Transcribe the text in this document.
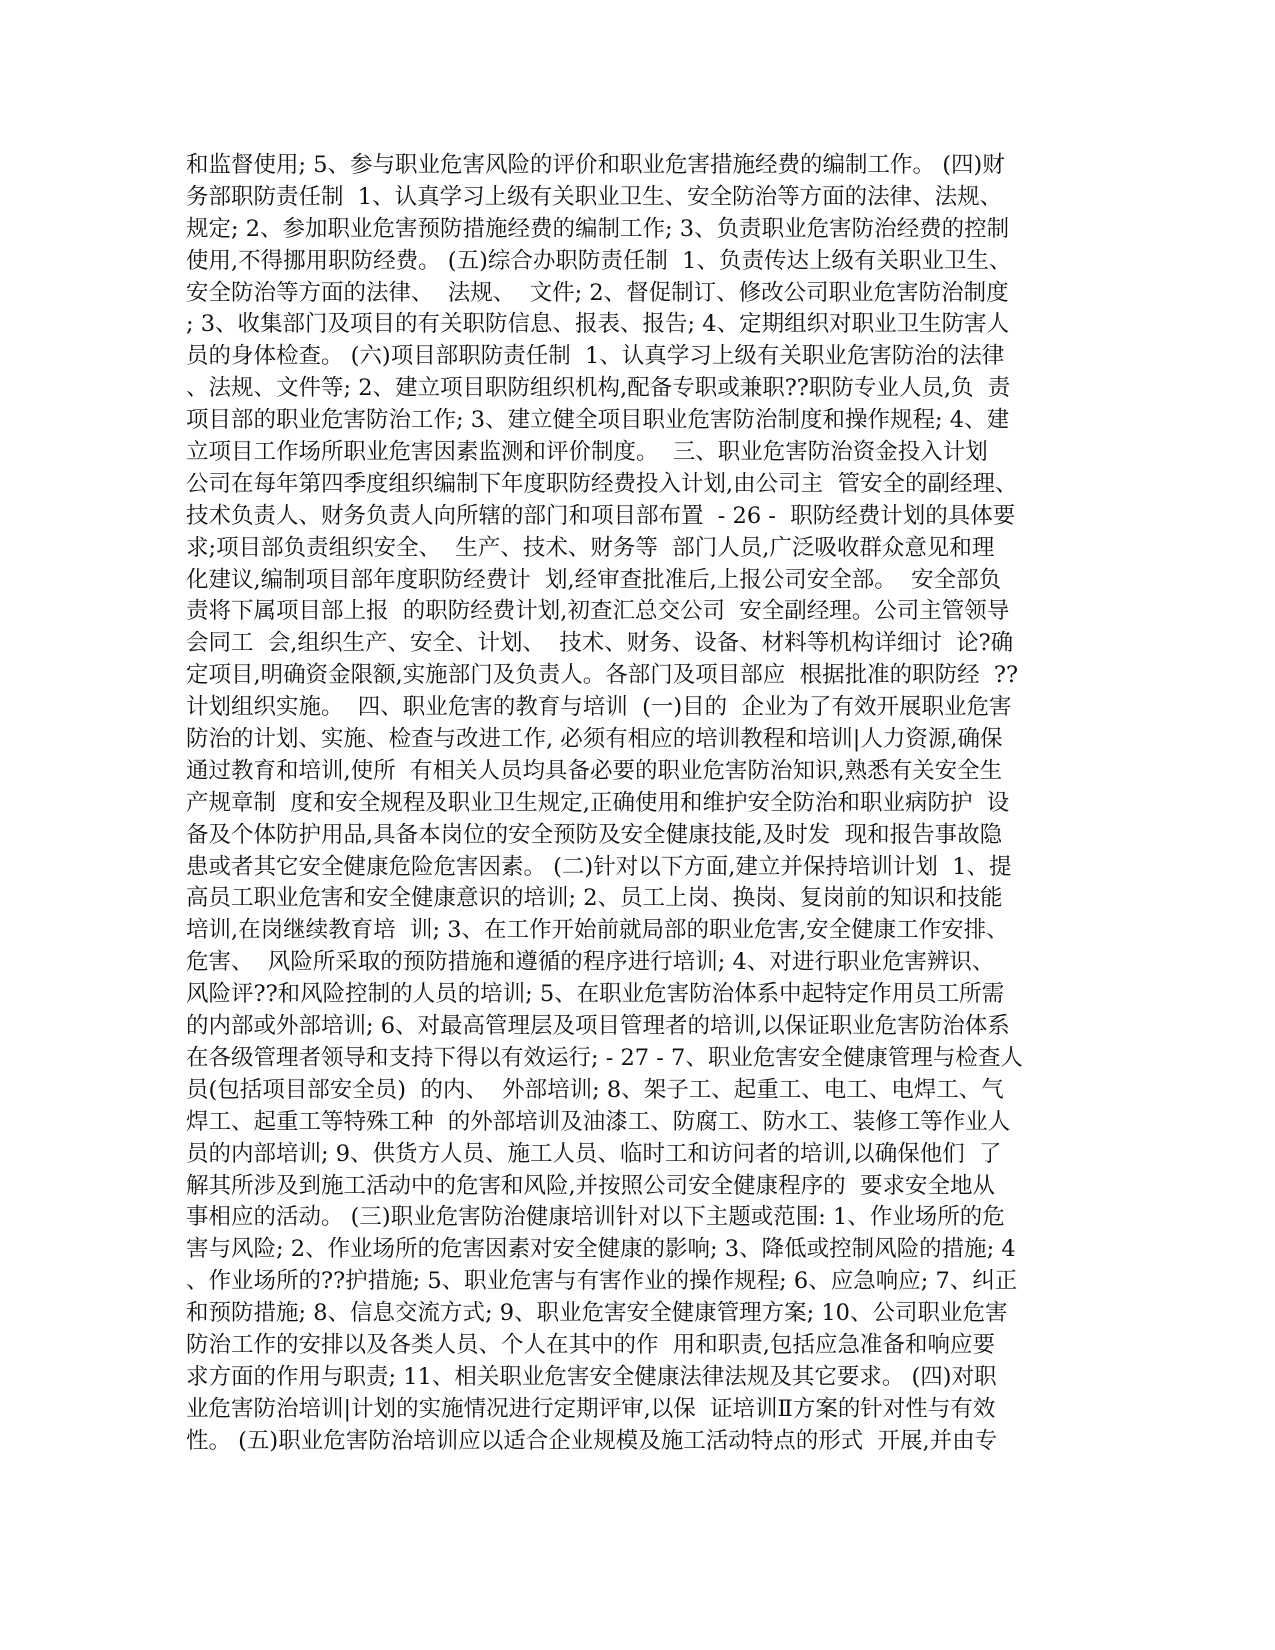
和监督使用; 5、参与职业危害风险的评价和职业危害措施经费的编制工作。 (四)财
务部职防责任制  1、认真学习上级有关职业卫生、安全防治等方面的法律、法规、
规定; 2、参加职业危害预防措施经费的编制工作; 3、负责职业危害防治经费的控制
使用,不得挪用职防经费。 (五)综合办职防责任制  1、负责传达上级有关职业卫生、
安全防治等方面的法律、  法规、  文件; 2、督促制订、修改公司职业危害防治制度
; 3、收集部门及项目的有关职防信息、报表、报告; 4、定期组织对职业卫生防害人
员的身体检查。 (六)项目部职防责任制  1、认真学习上级有关职业危害防治的法律
、法规、文件等; 2、建立项目职防组织机构,配备专职或兼职??职防专业人员,负  责
项目部的职业危害防治工作; 3、建立健全项目职业危害防治制度和操作规程; 4、建
立项目工作场所职业危害因素监测和评价制度。  三、职业危害防治资金投入计划
公司在每年第四季度组织编制下年度职防经费投入计划,由公司主  管安全的副经理、
技术负责人、财务负责人向所辖的部门和项目部布置  - 26 -  职防经费计划的具体要
求;项目部负责组织安全、  生产、技术、财务等  部门人员,广泛吸收群众意见和理
化建议,编制项目部年度职防经费计  划,经审查批准后,上报公司安全部。  安全部负
责将下属项目部上报  的职防经费计划,初查汇总交公司  安全副经理。公司主管领导
会同工  会,组织生产、安全、计划、  技术、财务、设备、材料等机构详细讨  论?确
定项目,明确资金限额,实施部门及负责人。各部门及项目部应  根据批准的职防经  ??
计划组织实施。  四、职业危害的教育与培训  (一)目的  企业为了有效开展职业危害
防治的计划、实施、检查与改进工作, 必须有相应的培训教程和培训|人力资源,确保
通过教育和培训,使所  有相关人员均具备必要的职业危害防治知识,熟悉有关安全生
产规章制  度和安全规程及职业卫生规定,正确使用和维护安全防治和职业病防护  设
备及个体防护用品,具备本岗位的安全预防及安全健康技能,及时发  现和报告事故隐
患或者其它安全健康危险危害因素。 (二)针对以下方面,建立并保持培训计划  1、提
高员工职业危害和安全健康意识的培训; 2、员工上岗、换岗、复岗前的知识和技能
培训,在岗继续教育培  训; 3、在工作开始前就局部的职业危害,安全健康工作安排、
危害、  风险所采取的预防措施和遵循的程序进行培训; 4、对进行职业危害辨识、
风险评??和风险控制的人员的培训; 5、在职业危害防治体系中起特定作用员工所需
的内部或外部培训; 6、对最高管理层及项目管理者的培训,以保证职业危害防治体系
在各级管理者领导和支持下得以有效运行; - 27 - 7、职业危害安全健康管理与检查人
员(包括项目部安全员)  的内、  外部培训; 8、架子工、起重工、电工、电焊工、气
焊工、起重工等特殊工种  的外部培训及油漆工、防腐工、防水工、装修工等作业人
员的内部培训; 9、供货方人员、施工人员、临时工和访问者的培训,以确保他们  了
解其所涉及到施工活动中的危害和风险,并按照公司安全健康程序的  要求安全地从
事相应的活动。 (三)职业危害防治健康培训针对以下主题或范围: 1、作业场所的危
害与风险; 2、作业场所的危害因素对安全健康的影响; 3、降低或控制风险的措施; 4
、作业场所的??护措施; 5、职业危害与有害作业的操作规程; 6、应急响应; 7、纠正
和预防措施; 8、信息交流方式; 9、职业危害安全健康管理方案; 10、公司职业危害
防治工作的安排以及各类人员、个人在其中的作  用和职责,包括应急准备和响应要
求方面的作用与职责; 11、相关职业危害安全健康法律法规及其它要求。 (四)对职
业危害防治培训|计划的实施情况进行定期评审,以保  证培训Ⅱ方案的针对性与有效
性。 (五)职业危害防治培训应以适合企业规模及施工活动特点的形式  开展,并由专
